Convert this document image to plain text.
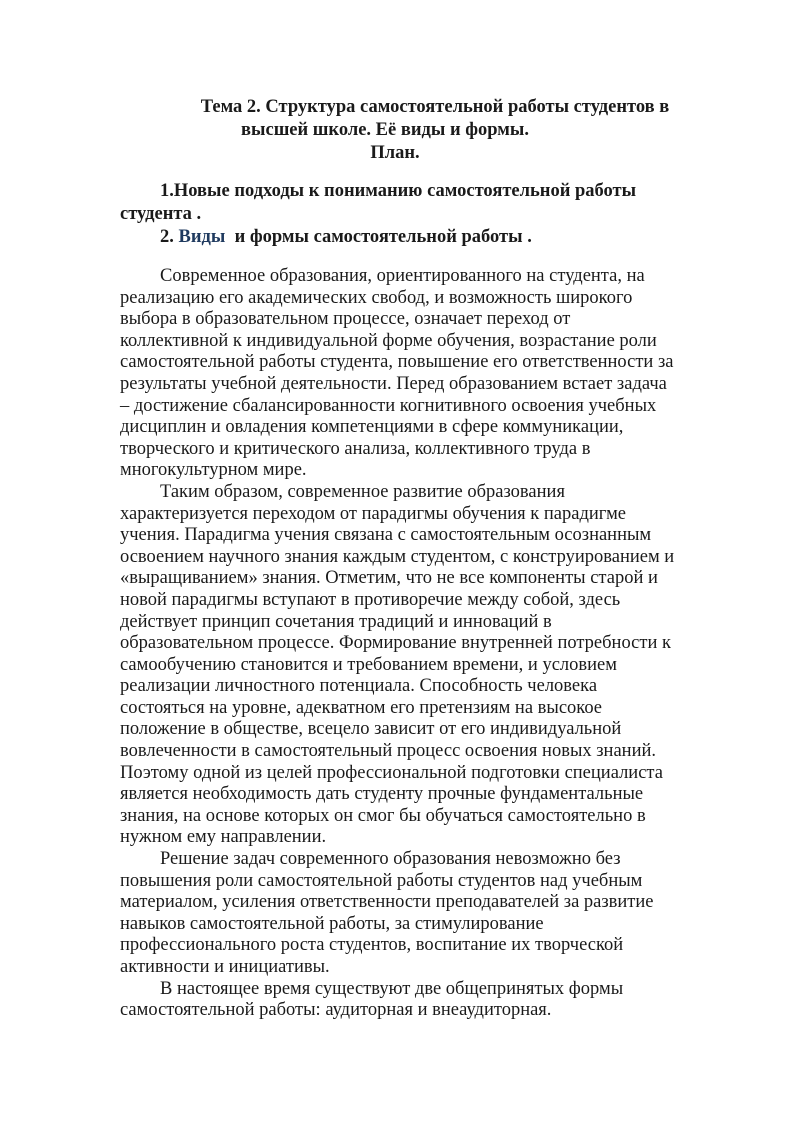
Тема 2. Структура самостоятельной работы студентов в
высшей школе. Её виды и формы.
План.

1.Новые подходы к пониманию самостоятельной работы студента .

2. Виды  и формы самостоятельной работы .

Современное образования, ориентированного на студента, на реализацию его академических свобод, и возможность широкого выбора в образовательном процессе, означает переход от коллективной к индивидуальной форме обучения, возрастание роли самостоятельной работы студента, повышение его ответственности за результаты учебной деятельности. Перед образованием встает задача – достижение сбалансированности когнитивного освоения учебных дисциплин и овладения компетенциями в сфере коммуникации, творческого и критического анализа, коллективного труда в многокультурном мире.

Таким образом, современное развитие образования характеризуется переходом от парадигмы обучения к парадигме учения. Парадигма учения связана с самостоятельным осознанным освоением научного знания каждым студентом, с конструированием и «выращиванием» знания. Отметим, что не все компоненты старой и новой парадигмы вступают в противоречие между собой, здесь действует принцип сочетания традиций и инноваций в образовательном процессе. Формирование внутренней потребности к самообучению становится и требованием времени, и условием реализации личностного потенциала. Способность человека состояться на уровне, адекватном его претензиям на высокое положение в обществе, всецело зависит от его индивидуальной вовлеченности в самостоятельный процесс освоения новых знаний. Поэтому одной из целей профессиональной подготовки специалиста является необходимость дать студенту прочные фундаментальные знания, на основе которых он смог бы обучаться самостоятельно в нужном ему направлении.

Решение задач современного образования невозможно без повышения роли самостоятельной работы студентов над учебным материалом, усиления ответственности преподавателей за развитие навыков самостоятельной работы, за стимулирование профессионального роста студентов, воспитание их творческой активности и инициативы.

В настоящее время существуют две общепринятых формы самостоятельной работы: аудиторная и внеаудиторная.
